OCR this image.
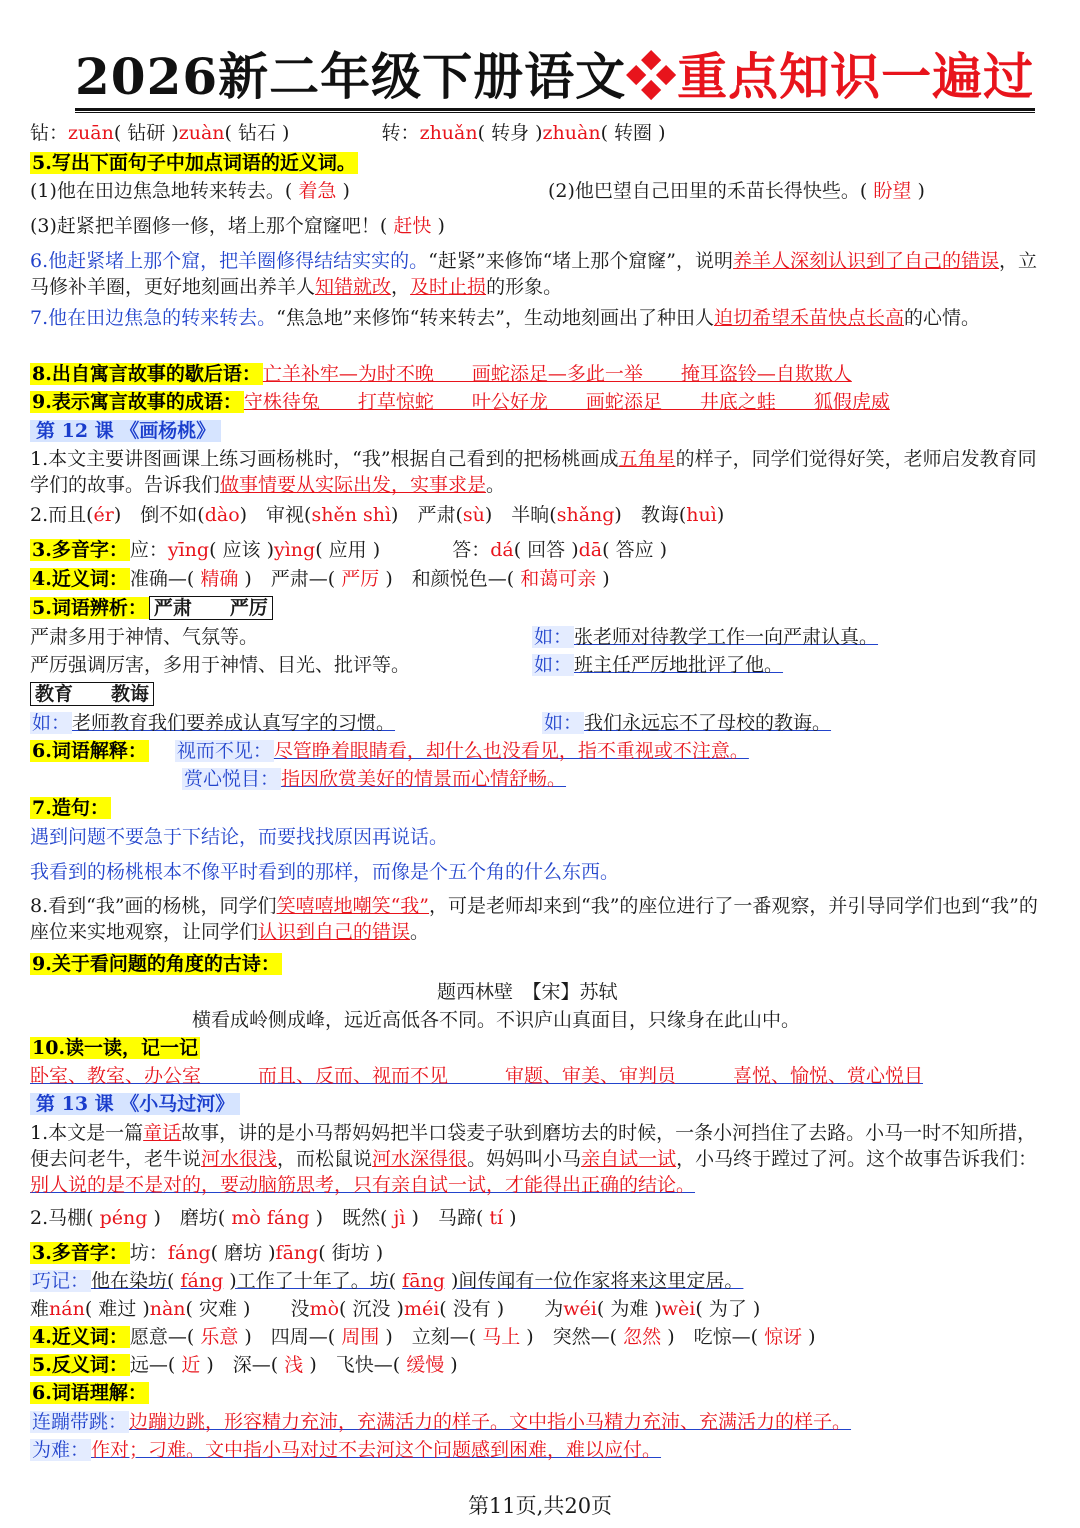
2026新二年级下册语文❖重点知识一遍过
钻：zuān( 钻研 )zuàn( 钻石 )	转：zhuǎn( 转身 )zhuàn( 转圈 )
5.写出下面句子中加点词语的近义词。
(1)他在田边焦急地转来转去。( 着急 )	(2)他巴望自己田里的禾苗长得快些。( 盼望 )
(3)赶紧把羊圈修一修，堵上那个窟窿吧！( 赶快 )
6.他赶紧堵上那个窟，把羊圈修得结结实实的。“赶紧”来修饰“堵上那个窟窿”，说明养羊人深刻认识到了自己的错误，立马修补羊圈，更好地刻画出养羊人知错就改，及时止损的形象。
7.他在田边焦急的转来转去。“焦急地”来修饰“转来转去”，生动地刻画出了种田人迫切希望禾苗快点长高的心情。
8.出自寓言故事的歇后语： 亡羊补牢—为时不晚　　画蛇添足—多此一举　　掩耳盗铃—自欺欺人
9.表示寓言故事的成语： 守株待兔　　打草惊蛇　　叶公好龙　　画蛇添足　　井底之蛙　　狐假虎威
第 12 课 《画杨桃》
1.本文主要讲图画课上练习画杨桃时，“我”根据自己看到的把杨桃画成五角星的样子，同学们觉得好笑，老师启发教育同学们的故事。告诉我们做事情要从实际出发，实事求是。
2.而且(ér)　倒不如(dào)　审视(shěn shì)　严肃(sù)　半晌(shǎng)　教诲(huì)
3.多音字： 应：yīng( 应该 )yìng( 应用 )	答：dá( 回答 )dā( 答应 )
4.近义词： 准确—( 精确 )　严肃—( 严厉 )　和颜悦色—( 和蔼可亲 )
5.词语辨析： 严肃　　严厉
严肃多用于神情、气氛等。	如： 张老师对待教学工作一向严肃认真。
严厉强调厉害，多用于神情、目光、批评等。	如： 班主任严厉地批评了他。
教育　　教诲
如： 老师教育我们要养成认真写字的习惯。	如： 我们永远忘不了母校的教诲。
6.词语解释： 视而不见： 尽管睁着眼睛看，却什么也没看见，指不重视或不注意。
赏心悦目： 指因欣赏美好的情景而心情舒畅。
7.造句：
遇到问题不要急于下结论，而要找找原因再说话。
我看到的杨桃根本不像平时看到的那样，而像是个五个角的什么东西。
8.看到“我”画的杨桃，同学们笑嘻嘻地嘲笑“我”，可是老师却来到“我”的座位进行了一番观察，并引导同学们也到“我”的座位来实地观察，让同学们认识到自己的错误。
9.关于看问题的角度的古诗：
题西林壁　【宋】苏轼
横看成岭侧成峰，远近高低各不同。不识庐山真面目，只缘身在此山中。
10.读一读，记一记
卧室、教室、办公室　　　而且、反而、视而不见　　　审题、审美、审判员　　　喜悦、愉悦、赏心悦目
第 13 课 《小马过河》
1.本文是一篇童话故事，讲的是小马帮妈妈把半口袋麦子驮到磨坊去的时候，一条小河挡住了去路。小马一时不知所措，便去问老牛，老牛说河水很浅，而松鼠说河水深得很。妈妈叫小马亲自试一试，小马终于蹚过了河。这个故事告诉我们：别人说的是不是对的，要动脑筋思考，只有亲自试一试，才能得出正确的结论。
2.马棚( péng )　磨坊( mò fáng )　既然( jì )　马蹄( tí )
3.多音字： 坊：fáng( 磨坊 )fāng( 街坊 )
巧记： 他在染坊( fáng )工作了十年了。坊( fāng )间传闻有一位作家将来这里定居。
难nán( 难过 )nàn( 灾难 ) 没mò( 沉没 )méi( 没有 ) 为wéi( 为难 )wèi( 为了 )
4.近义词： 愿意—( 乐意 )　四周—( 周围 )　立刻—( 马上 )　突然—( 忽然 )　吃惊—( 惊讶 )
5.反义词： 远—( 近 )　深—( 浅 )　飞快—( 缓慢 )
6.词语理解：
连蹦带跳： 边蹦边跳，形容精力充沛，充满活力的样子。文中指小马精力充沛、充满活力的样子。
为难： 作对；刁难。文中指小马对过不去河这个问题感到困难，难以应付。
第11页,共20页
